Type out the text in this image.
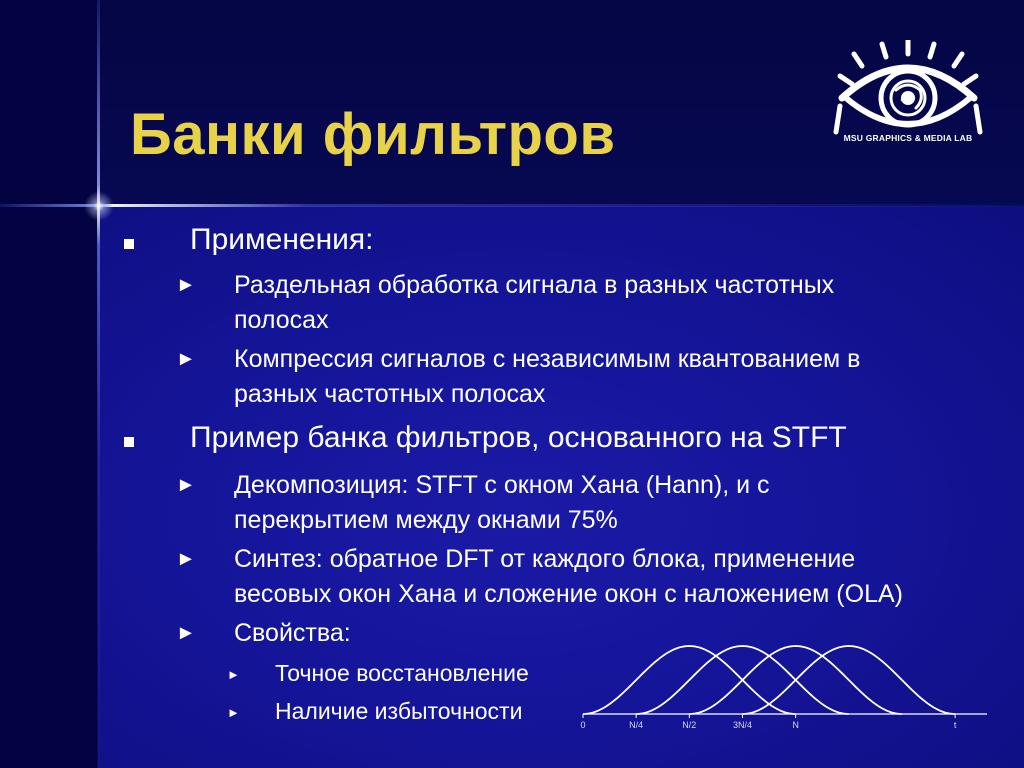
Банки фильтров	MSU GRAPHICS & MEDIA LAB
Применения:
► Раздельная обработка сигнала в разных частотных
полосах
► Компрессия сигналов с независимым квантованием в
разных частотных полосах
Пример банка фильтров, основанного на STFT
► Декомпозиция: STFT с окном Хана (Hann), и с
перекрытием между окнами 75%
► Синтез: обратное DFT от каждого блока, применение
весовых окон Хана и сложение окон с наложением (OLA)
► Свойства:
► Точное восстановление
► Наличие избыточности
0	N/4	N/2	3N/4	N	t
